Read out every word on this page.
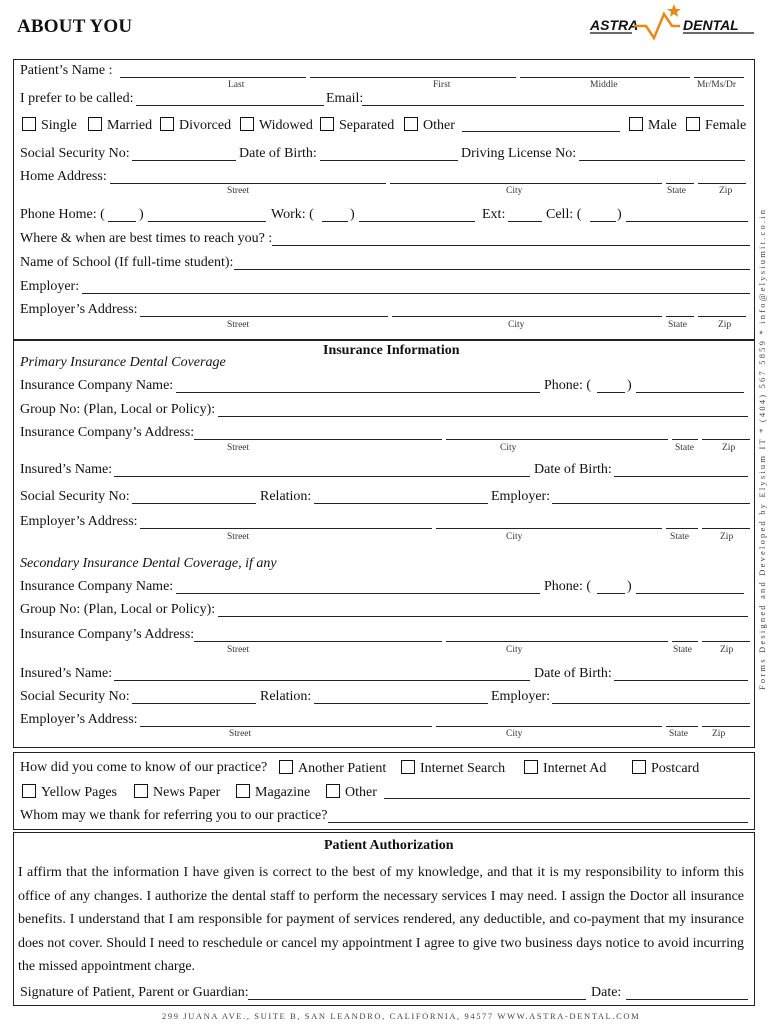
ABOUT YOU	ASTRA	DENTAL
Forms Designed and Developed by Elysium IT * (404) 567 5859 * info@elysiumit.co.in
Patient’s Name :
Last	First	Middle	Mr/Ms/Dr
I prefer to be called:	Email:
Single	Married	Divorced	Widowed	Separated	Other	Male	Female
Social Security No:	Date of Birth:	Driving License No:
Home Address:
Street	City	State	Zip
Phone Home: ( )	Work: (	)	Ext:	Cell: (	)
Where & when are best times to reach you? :
Name of School (If full-time student):
Employer:
Employer’s Address:
Street	City	State	Zip
Insurance Information
Primary Insurance Dental Coverage
Insurance Company Name:	Phone: (	)
Group No: (Plan, Local or Policy):
Insurance Company’s Address:
Street	City	State	Zip
Insured’s Name:	Date of Birth:
Social Security No:	Relation:	Employer:
Employer’s Address:
Street	City	State	Zip
Secondary Insurance Dental Coverage, if any
Insurance Company Name:	Phone: (	)
Group No: (Plan, Local or Policy):
Insurance Company’s Address:
Street	City	State	Zip
Insured’s Name:	Date of Birth:
Social Security No:	Relation:	Employer:
Employer’s Address:
Street	City	State	Zip
How did you come to know of our practice?	Another Patient	Internet Search	Internet Ad	Postcard
Yellow Pages	News Paper	Magazine	Other
Whom may we thank for referring you to our practice?
Patient Authorization
I affirm that the information I have given is correct to the best of my knowledge, and that it is my responsibility to inform this office of any changes. I authorize the dental staff to perform the necessary services I may need. I assign the Doctor all insurance benefits. I understand that I am responsible for payment of services rendered, any deductible, and co-payment that my insurance does not cover. Should I need to reschedule or cancel my appointment I agree to give two business days notice to avoid incurring the missed appointment charge.
Signature of Patient, Parent or Guardian:	Date:
299 JUANA AVE., SUITE B, SAN LEANDRO, CALIFORNIA, 94577 WWW.ASTRA-DENTAL.COM
